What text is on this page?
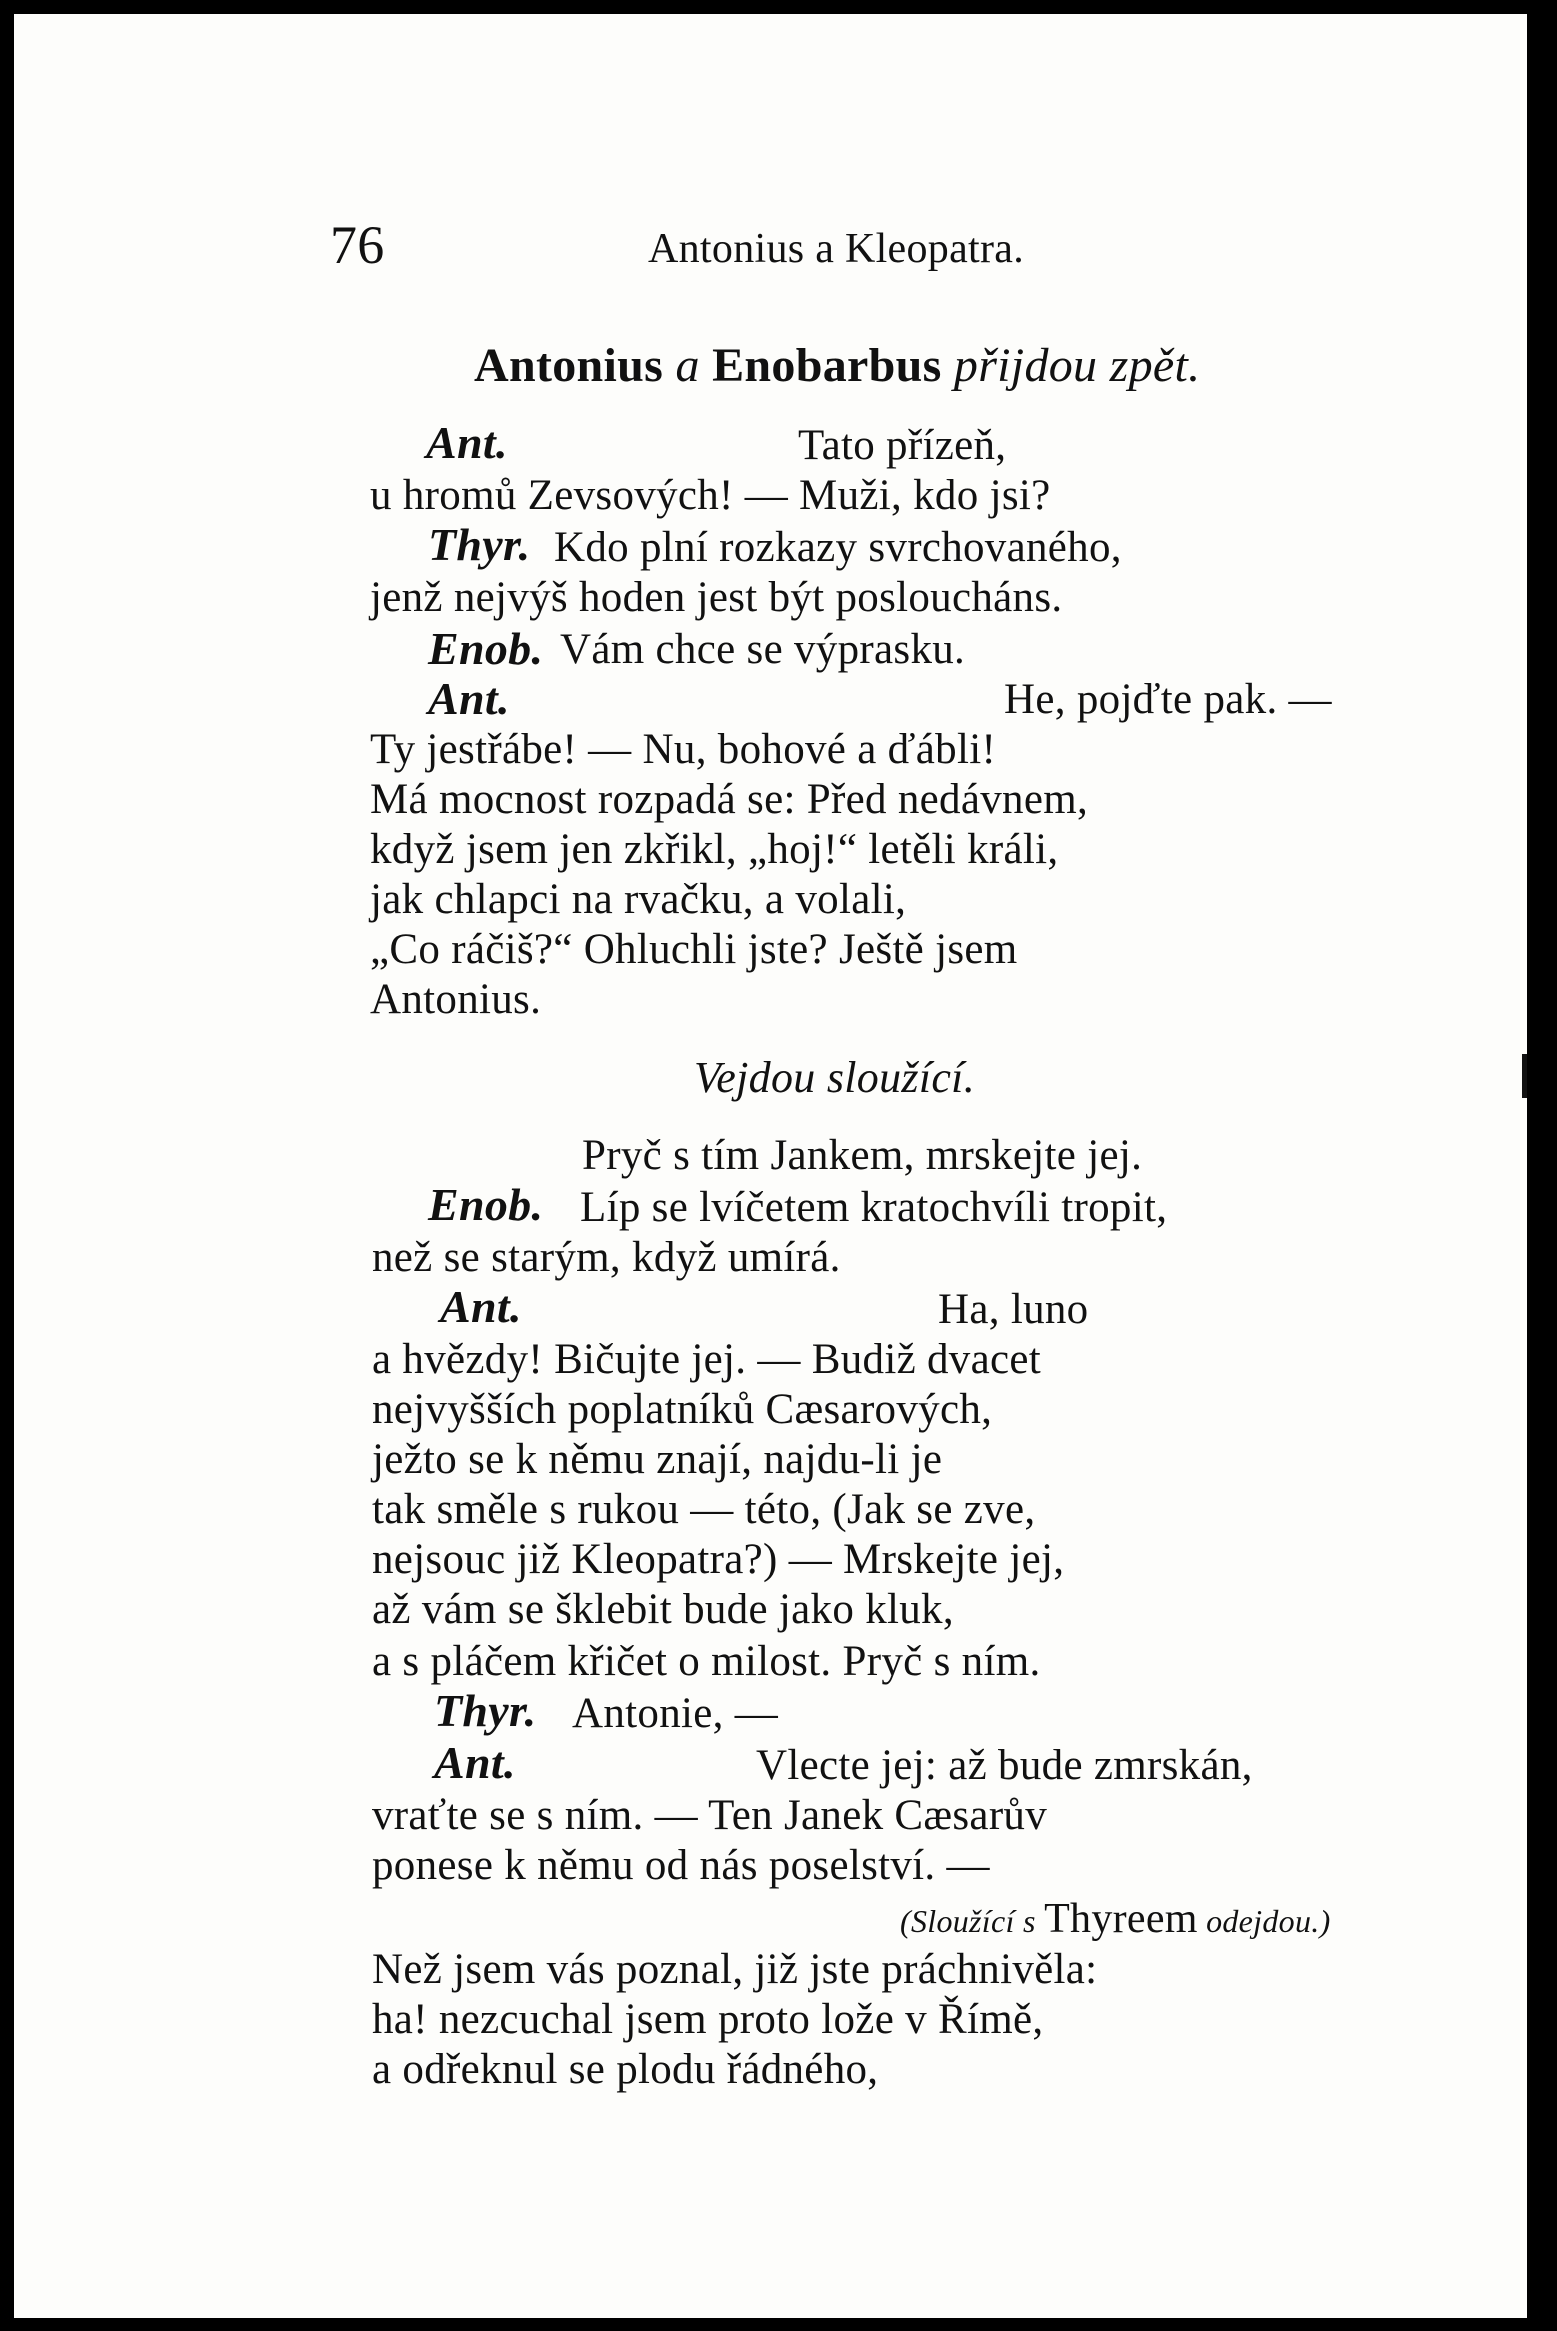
76	Antonius a Kleopatra.
Antonius a Enobarbus přijdou zpět.
Ant.	Tato přízeň,
u hromů Zevsových! — Muži, kdo jsi?
Thyr. Kdo plní rozkazy svrchovaného,
jenž nejvýš hoden jest být posloucháns.
Enob. Vám chce se výprasku.
Ant.	He, pojďte pak. —
Ty jestřábe! — Nu, bohové a ďábli!
Má mocnost rozpadá se: Před nedávnem,
když jsem jen zkřikl, „hoj!“ letěli králi,
jak chlapci na rvačku, a volali,
„Co ráčiš?“ Ohluchli jste? Ještě jsem
Antonius.
Vejdou sloužící.
Pryč s tím Jankem, mrskejte jej.
Enob. Líp se lvíčetem kratochvíli tropit,
než se starým, když umírá.
Ant.	Ha, luno
a hvězdy! Bičujte jej. — Budiž dvacet
nejvyšších poplatníků Cæsarových,
ježto se k němu znají, najdu-li je
tak směle s rukou — této, (Jak se zve,
nejsouc již Kleopatra?) — Mrskejte jej,
až vám se šklebit bude jako kluk,
a s pláčem křičet o milost. Pryč s ním.
Thyr. Antonie, —
Ant.	Vlecte jej: až bude zmrskán,
vraťte se s ním. — Ten Janek Cæsarův
ponese k němu od nás poselství. —
(Sloužící s Thyreem odejdou.)
Než jsem vás poznal, již jste práchnivěla:
ha! nezcuchal jsem proto lože v Římě,
a odřeknul se plodu řádného,
